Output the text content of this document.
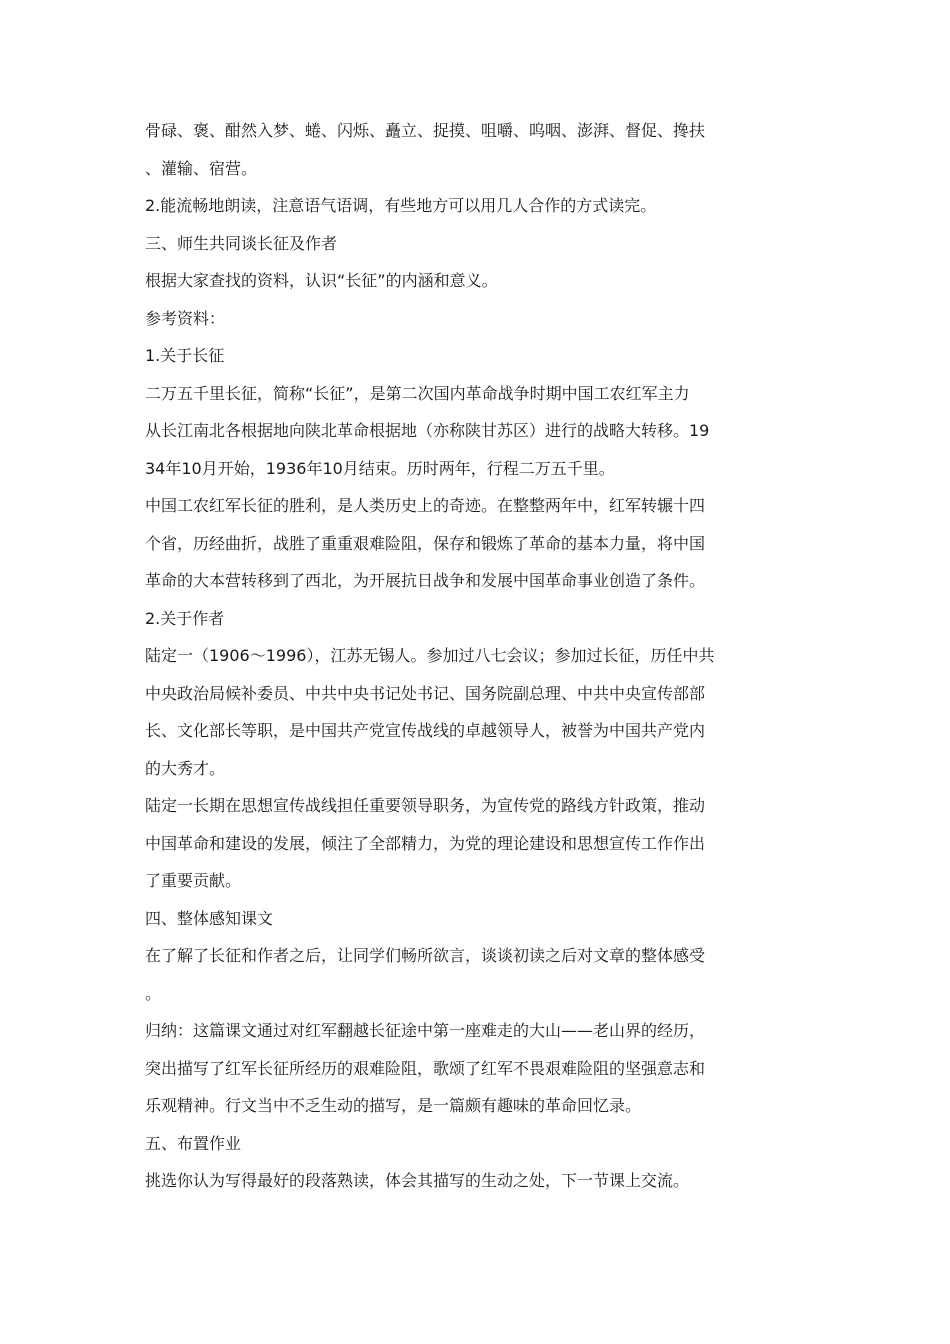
骨碌、褒、酣然入梦、蜷、闪烁、矗立、捉摸、咀嚼、呜咽、澎湃、督促、搀扶
、灌输、宿营。
2.能流畅地朗读，注意语气语调，有些地方可以用几人合作的方式读完。
三、师生共同谈长征及作者
根据大家查找的资料，认识“长征”的内涵和意义。
参考资料：
1.关于长征
二万五千里长征，简称“长征”，是第二次国内革命战争时期中国工农红军主力
从长江南北各根据地向陕北革命根据地（亦称陕甘苏区）进行的战略大转移。19
34年10月开始，1936年10月结束。历时两年，行程二万五千里。
中国工农红军长征的胜利，是人类历史上的奇迹。在整整两年中，红军转辗十四
个省，历经曲折，战胜了重重艰难险阻，保存和锻炼了革命的基本力量，将中国
革命的大本营转移到了西北，为开展抗日战争和发展中国革命事业创造了条件。
2.关于作者
陆定一（1906～1996），江苏无锡人。参加过八七会议；参加过长征，历任中共
中央政治局候补委员、中共中央书记处书记、国务院副总理、中共中央宣传部部
长、文化部长等职，是中国共产党宣传战线的卓越领导人，被誉为中国共产党内
的大秀才。
陆定一长期在思想宣传战线担任重要领导职务，为宣传党的路线方针政策，推动
中国革命和建设的发展，倾注了全部精力，为党的理论建设和思想宣传工作作出
了重要贡献。
四、整体感知课文
在了解了长征和作者之后，让同学们畅所欲言，谈谈初读之后对文章的整体感受
。
归纳：这篇课文通过对红军翻越长征途中第一座难走的大山——老山界的经历，
突出描写了红军长征所经历的艰难险阻，歌颂了红军不畏艰难险阻的坚强意志和
乐观精神。行文当中不乏生动的描写，是一篇颇有趣味的革命回忆录。
五、布置作业
挑选你认为写得最好的段落熟读，体会其描写的生动之处，下一节课上交流。
